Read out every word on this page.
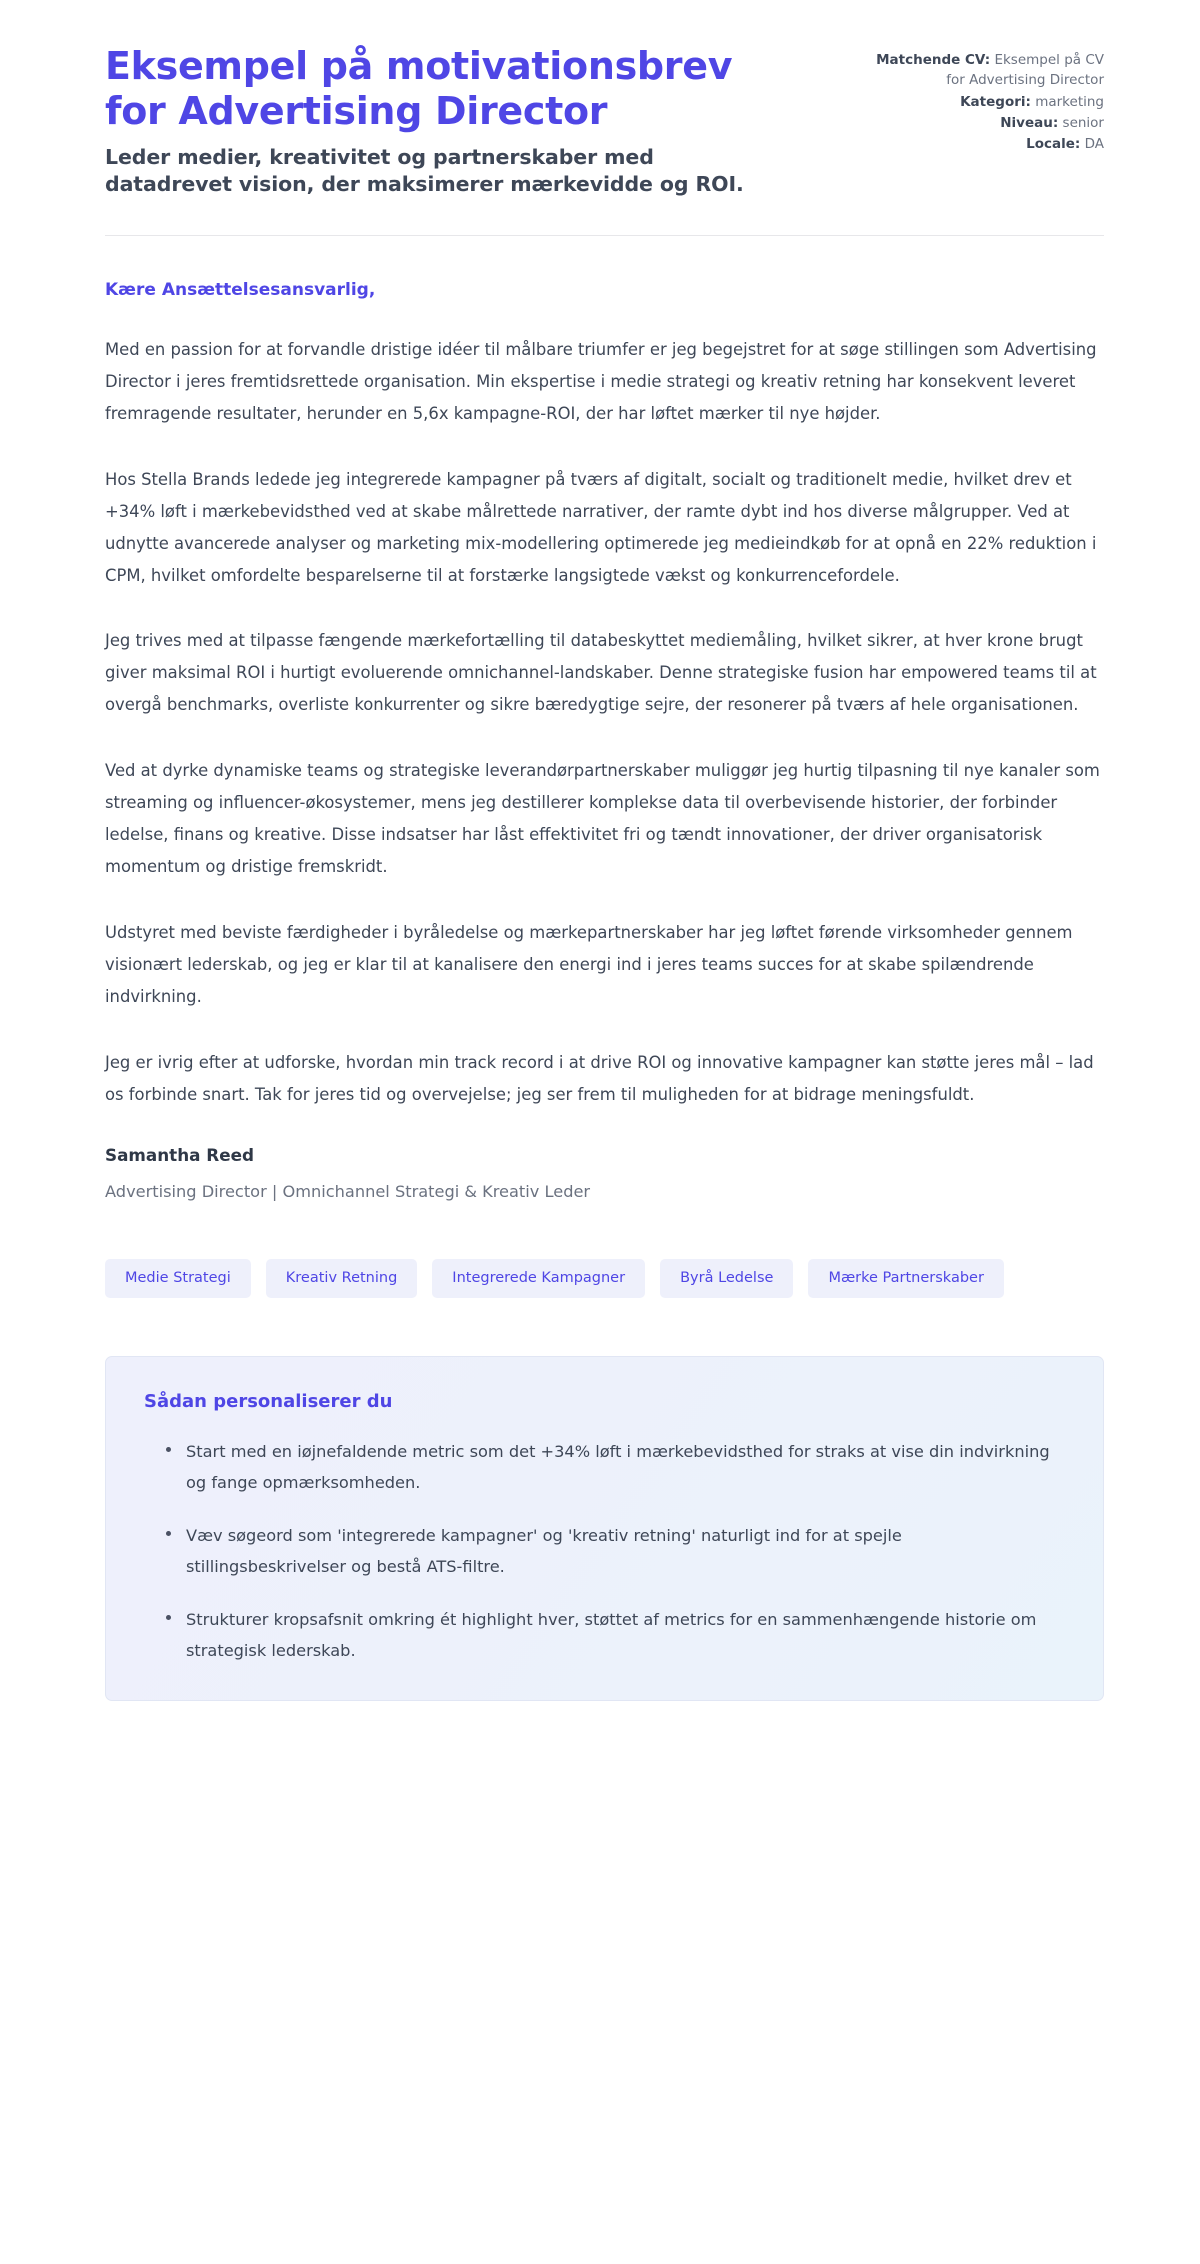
Eksempel på motivationsbrev for Advertising Director

Leder medier, kreativitet og partnerskaber med datadrevet vision, der maksimerer mærkevidde og ROI.

Matchende CV: Eksempel på CV for Advertising Director
Kategori: marketing
Niveau: senior
Locale: DA

Kære Ansættelsesansvarlig,

Med en passion for at forvandle dristige idéer til målbare triumfer er jeg begejstret for at søge stillingen som Advertising Director i jeres fremtidsrettede organisation. Min ekspertise i medie strategi og kreativ retning har konsekvent leveret fremragende resultater, herunder en 5,6x kampagne-ROI, der har løftet mærker til nye højder.

Hos Stella Brands ledede jeg integrerede kampagner på tværs af digitalt, socialt og traditionelt medie, hvilket drev et +34% løft i mærkebevidsthed ved at skabe målrettede narrativer, der ramte dybt ind hos diverse målgrupper. Ved at udnytte avancerede analyser og marketing mix-modellering optimerede jeg medieindkøb for at opnå en 22% reduktion i CPM, hvilket omfordelte besparelserne til at forstærke langsigtede vækst og konkurrencefordele.

Jeg trives med at tilpasse fængende mærkefortælling til databeskyttet mediemåling, hvilket sikrer, at hver krone brugt giver maksimal ROI i hurtigt evoluerende omnichannel-landskaber. Denne strategiske fusion har empowered teams til at overgå benchmarks, overliste konkurrenter og sikre bæredygtige sejre, der resonerer på tværs af hele organisationen.

Ved at dyrke dynamiske teams og strategiske leverandørpartnerskaber muliggør jeg hurtig tilpasning til nye kanaler som streaming og influencer-økosystemer, mens jeg destillerer komplekse data til overbevisende historier, der forbinder ledelse, finans og kreative. Disse indsatser har låst effektivitet fri og tændt innovationer, der driver organisatorisk momentum og dristige fremskridt.

Udstyret med beviste færdigheder i byråledelse og mærkepartnerskaber har jeg løftet førende virksomheder gennem visionært lederskab, og jeg er klar til at kanalisere den energi ind i jeres teams succes for at skabe spilændrende indvirkning.

Jeg er ivrig efter at udforske, hvordan min track record i at drive ROI og innovative kampagner kan støtte jeres mål – lad os forbinde snart. Tak for jeres tid og overvejelse; jeg ser frem til muligheden for at bidrage meningsfuldt.

Samantha Reed

Advertising Director | Omnichannel Strategi & Kreativ Leder

Medie Strategi	Kreativ Retning	Integrerede Kampagner	Byrå Ledelse	Mærke Partnerskaber
Sådan personaliserer du
Start med en iøjnefaldende metric som det +34% løft i mærkebevidsthed for straks at vise din indvirkning og fange opmærksomheden.
Væv søgeord som 'integrerede kampagner' og 'kreativ retning' naturligt ind for at spejle stillingsbeskrivelser og bestå ATS-filtre.
Strukturer kropsafsnit omkring ét highlight hver, støttet af metrics for en sammenhængende historie om strategisk lederskab.
